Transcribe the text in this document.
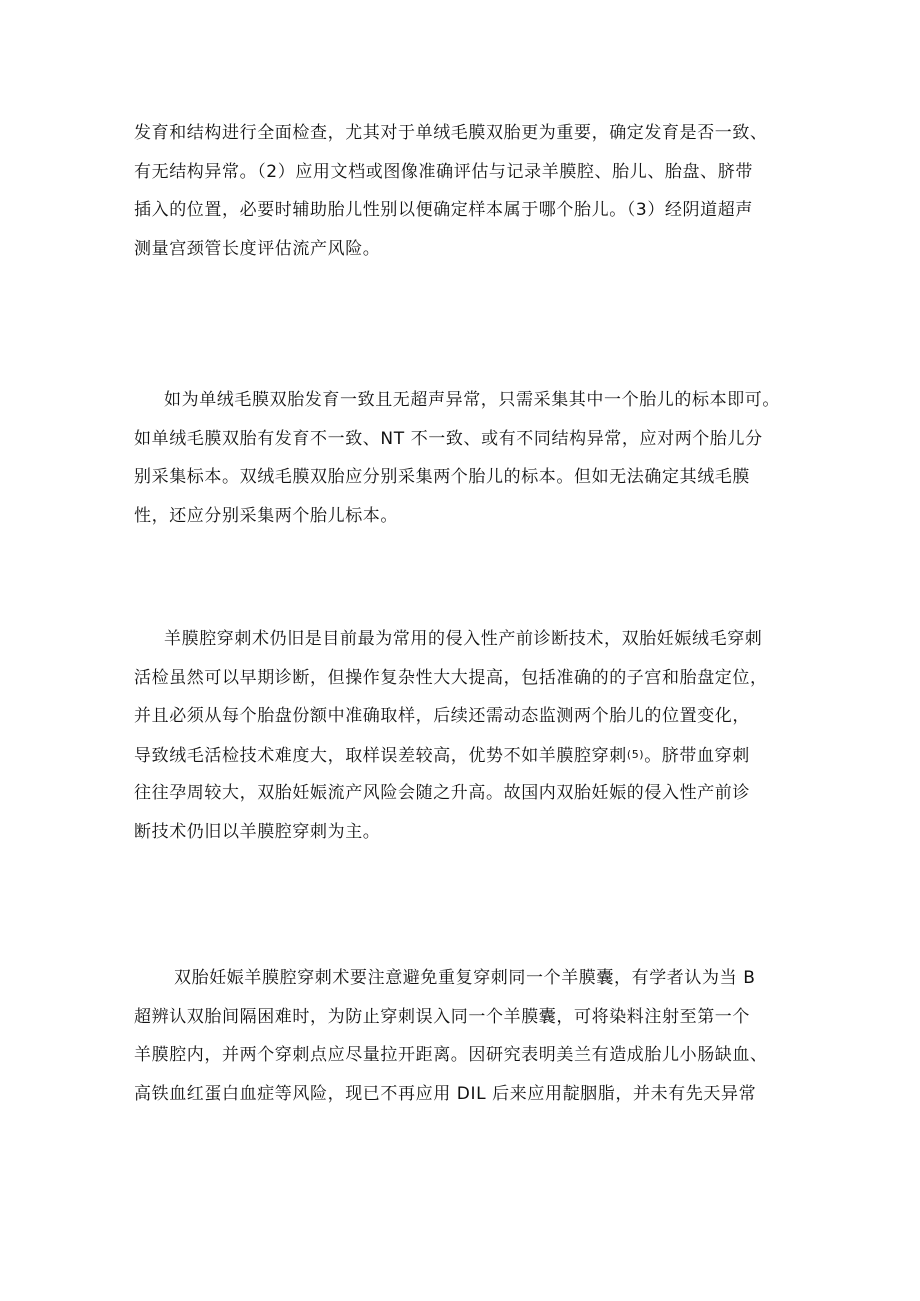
发育和结构进行全面检查，尤其对于单绒毛膜双胎更为重要，确定发育是否一致、
有无结构异常。（2）应用文档或图像准确评估与记录羊膜腔、胎儿、胎盘、脐带
插入的位置，必要时辅助胎儿性别以便确定样本属于哪个胎儿。（3）经阴道超声
测量宫颈管长度评估流产风险。
如为单绒毛膜双胎发育一致且无超声异常，只需采集其中一个胎儿的标本即可。
如单绒毛膜双胎有发育不一致、NT 不一致、或有不同结构异常，应对两个胎儿分
别采集标本。双绒毛膜双胎应分别采集两个胎儿的标本。但如无法确定其绒毛膜
性，还应分别采集两个胎儿标本。
羊膜腔穿刺术仍旧是目前最为常用的侵入性产前诊断技术，双胎妊娠绒毛穿刺
活检虽然可以早期诊断，但操作复杂性大大提高，包括准确的的子宫和胎盘定位，
并且必须从每个胎盘份额中准确取样，后续还需动态监测两个胎儿的位置变化，
导致绒毛活检技术难度大，取样误差较高，优势不如羊膜腔穿刺$^{(5)}$。脐带血穿刺
往往孕周较大，双胎妊娠流产风险会随之升高。故国内双胎妊娠的侵入性产前诊
断技术仍旧以羊膜腔穿刺为主。
双胎妊娠羊膜腔穿刺术要注意避免重复穿刺同一个羊膜囊，有学者认为当 B
超辨认双胎间隔困难时，为防止穿刺误入同一个羊膜囊，可将染料注射至第一个
羊膜腔内，并两个穿刺点应尽量拉开距离。因研究表明美兰有造成胎儿小肠缺血、
高铁血红蛋白血症等风险，现已不再应用 DIL 后来应用靛胭脂，并未有先天异常
